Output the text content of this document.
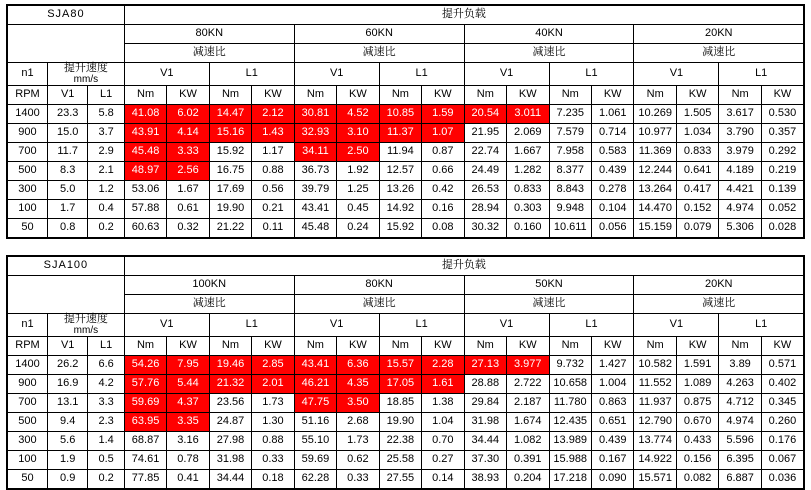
SJA80			提升负载															
			80KN				60KN				40KN				20KN			
			减速比				减速比				减速比				减速比			
n1	提升速度
mm/s		V1		L1		V1		L1		V1		L1		V1		L1	
RPM	V1	L1	Nm	KW	Nm	KW	Nm	KW	Nm	KW	Nm	KW	Nm	KW	Nm	KW	Nm	KW
1400	23.3	5.8	41.08	6.02	14.47	2.12	30.81	4.52	10.85	1.59	20.54	3.011	7.235	1.061	10.269	1.505	3.617	0.530
900	15.0	3.7	43.91	4.14	15.16	1.43	32.93	3.10	11.37	1.07	21.95	2.069	7.579	0.714	10.977	1.034	3.790	0.357
700	11.7	2.9	45.48	3.33	15.92	1.17	34.11	2.50	11.94	0.87	22.74	1.667	7.958	0.583	11.369	0.833	3.979	0.292
500	8.3	2.1	48.97	2.56	16.75	0.88	36.73	1.92	12.57	0.66	24.49	1.282	8.377	0.439	12.244	0.641	4.189	0.219
300	5.0	1.2	53.06	1.67	17.69	0.56	39.79	1.25	13.26	0.42	26.53	0.833	8.843	0.278	13.264	0.417	4.421	0.139
100	1.7	0.4	57.88	0.61	19.90	0.21	43.41	0.45	14.92	0.16	28.94	0.303	9.948	0.104	14.470	0.152	4.974	0.052
50	0.8	0.2	60.63	0.32	21.22	0.11	45.48	0.24	15.92	0.08	30.32	0.160	10.611	0.056	15.159	0.079	5.306	0.028
SJA100			提升负载															
			100KN				80KN				50KN				20KN			
			减速比				减速比				减速比				减速比			
n1	提升速度
mm/s		V1		L1		V1		L1		V1		L1		V1		L1	
RPM	V1	L1	Nm	KW	Nm	KW	Nm	KW	Nm	KW	Nm	KW	Nm	KW	Nm	KW	Nm	KW
1400	26.2	6.6	54.26	7.95	19.46	2.85	43.41	6.36	15.57	2.28	27.13	3.977	9.732	1.427	10.582	1.591	3.89	0.571
900	16.9	4.2	57.76	5.44	21.32	2.01	46.21	4.35	17.05	1.61	28.88	2.722	10.658	1.004	11.552	1.089	4.263	0.402
700	13.1	3.3	59.69	4.37	23.56	1.73	47.75	3.50	18.85	1.38	29.84	2.187	11.780	0.863	11.937	0.875	4.712	0.345
500	9.4	2.3	63.95	3.35	24.87	1.30	51.16	2.68	19.90	1.04	31.98	1.674	12.435	0.651	12.790	0.670	4.974	0.260
300	5.6	1.4	68.87	3.16	27.98	0.88	55.10	1.73	22.38	0.70	34.44	1.082	13.989	0.439	13.774	0.433	5.596	0.176
100	1.9	0.5	74.61	0.78	31.98	0.33	59.69	0.62	25.58	0.27	37.30	0.391	15.988	0.167	14.922	0.156	6.395	0.067
50	0.9	0.2	77.85	0.41	34.44	0.18	62.28	0.33	27.55	0.14	38.93	0.204	17.218	0.090	15.571	0.082	6.887	0.036
